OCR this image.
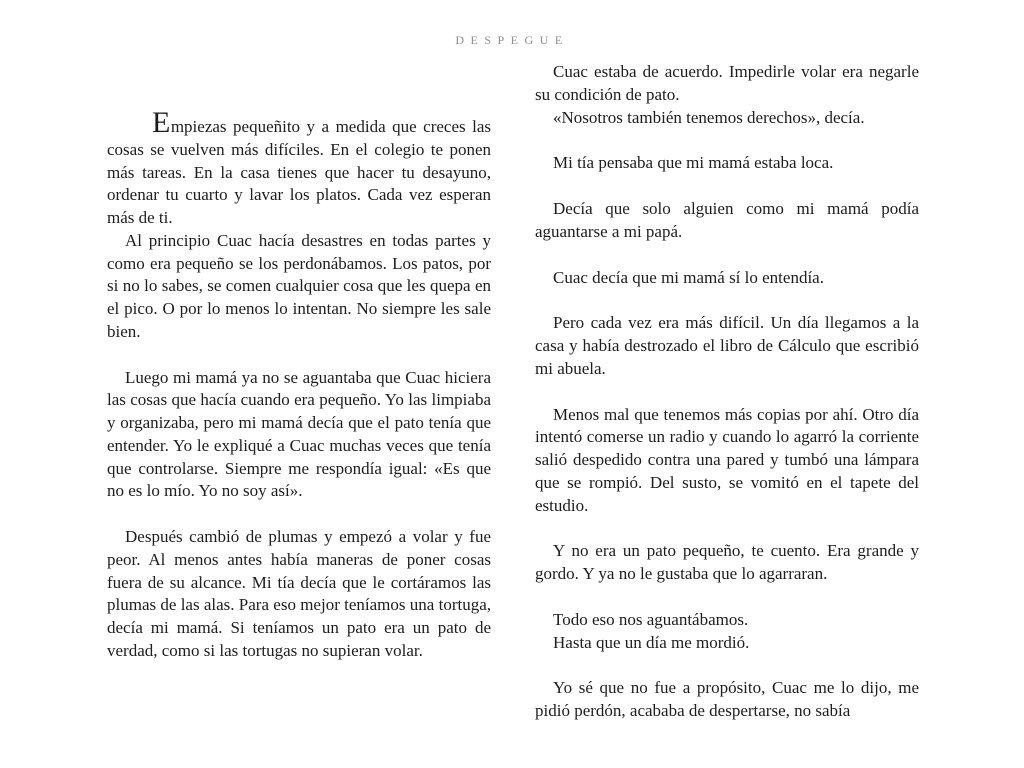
DESPEGUE

Empiezas pequeñito y a medida que creces las cosas se vuelven más difíciles. En el colegio te ponen más tareas. En la casa tienes que hacer tu desayuno, ordenar tu cuarto y lavar los platos. Cada vez esperan más de ti.

Al principio Cuac hacía desastres en todas partes y como era pequeño se los perdonábamos. Los patos, por si no lo sabes, se comen cualquier cosa que les quepa en el pico. O por lo menos lo intentan. No siempre les sale bien.

Luego mi mamá ya no se aguantaba que Cuac hiciera las cosas que hacía cuando era pequeño. Yo las limpiaba y organizaba, pero mi mamá decía que el pato tenía que entender. Yo le expliqué a Cuac muchas veces que tenía que controlarse. Siempre me respondía igual: «Es que no es lo mío. Yo no soy así».

Después cambió de plumas y empezó a volar y fue peor. Al menos antes había maneras de poner cosas fuera de su alcance. Mi tía decía que le cortáramos las plumas de las alas. Para eso mejor teníamos una tortuga, decía mi mamá. Si teníamos un pato era un pato de verdad, como si las tortugas no supieran volar.

Cuac estaba de acuerdo. Impedirle volar era negarle su condición de pato.

«Nosotros también tenemos derechos», decía.

Mi tía pensaba que mi mamá estaba loca.

Decía que solo alguien como mi mamá podía aguantarse a mi papá.

Cuac decía que mi mamá sí lo entendía.

Pero cada vez era más difícil. Un día llegamos a la casa y había destrozado el libro de Cálculo que escribió mi abuela.

Menos mal que tenemos más copias por ahí. Otro día intentó comerse un radio y cuando lo agarró la corriente salió despedido contra una pared y tumbó una lámpara que se rompió. Del susto, se vomitó en el tapete del estudio.

Y no era un pato pequeño, te cuento. Era grande y gordo. Y ya no le gustaba que lo agarraran.

Todo eso nos aguantábamos.

Hasta que un día me mordió.

Yo sé que no fue a propósito, Cuac me lo dijo, me pidió perdón, acababa de despertarse, no sabía
